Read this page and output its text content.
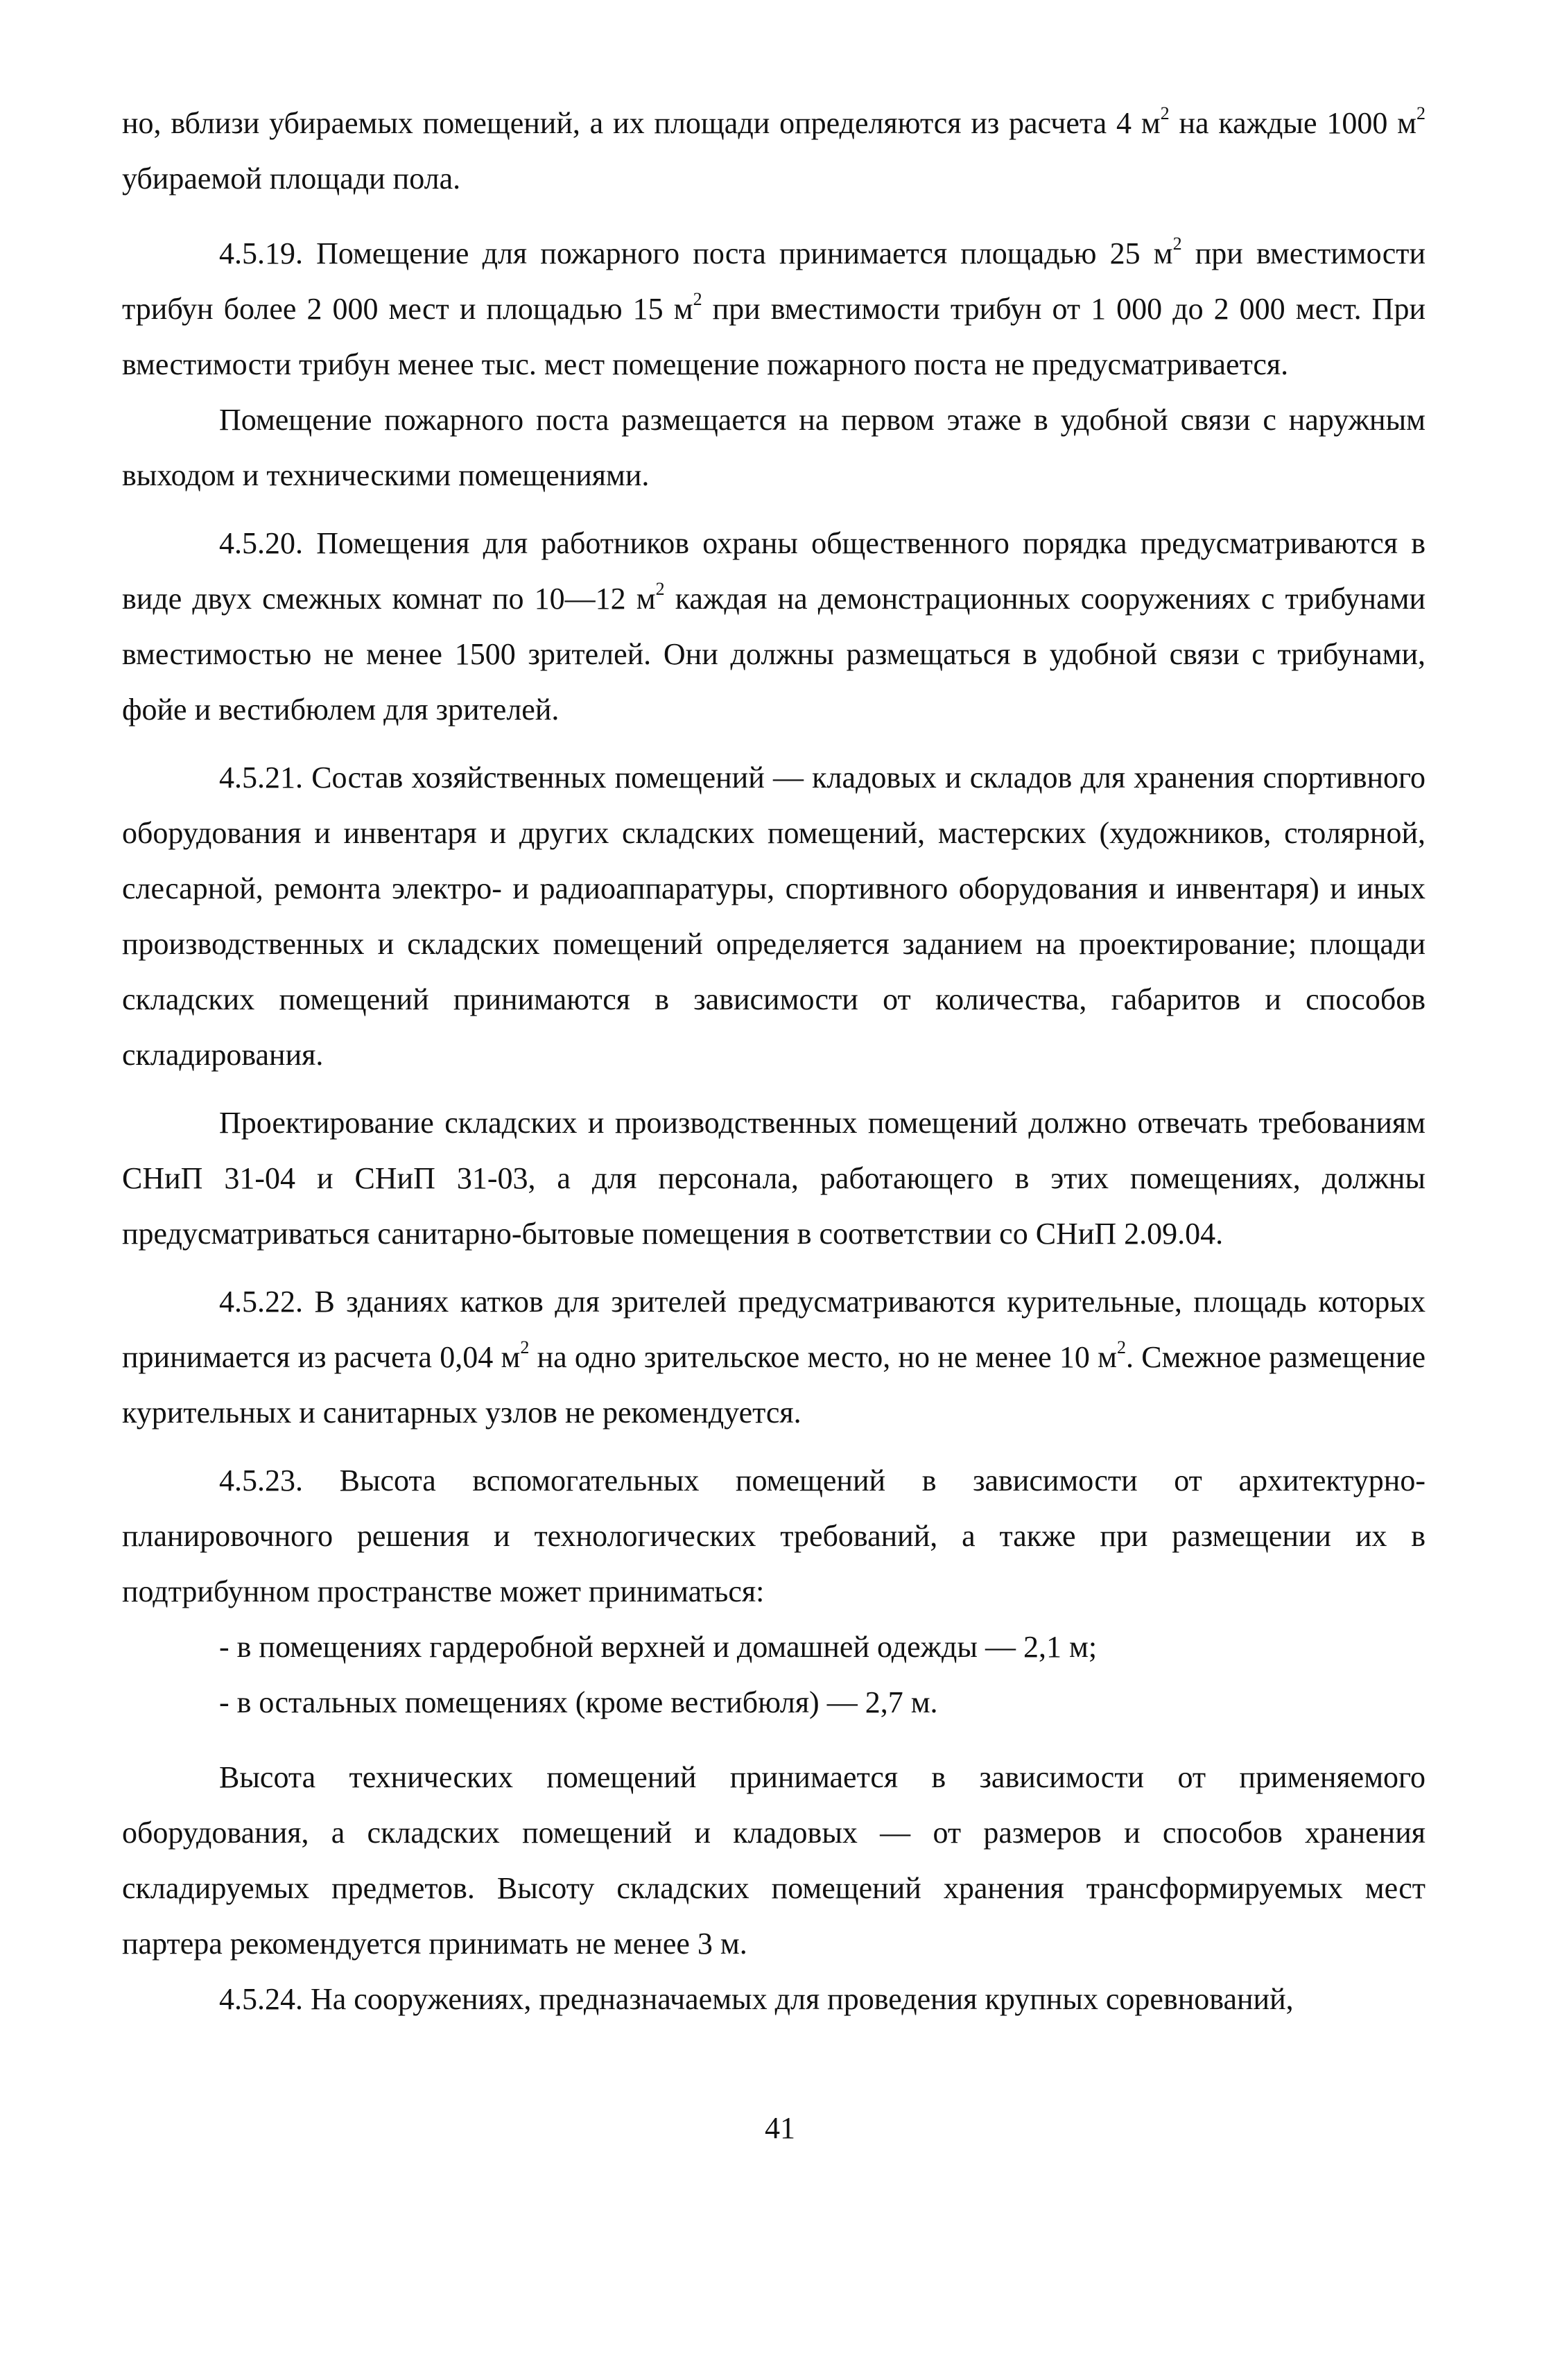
но, вблизи убираемых помещений, а их площади определяются из расчета 4 $м^2$ на каждые 1000 $м^2$ убираемой площади пола.

4.5.19. Помещение для пожарного поста принимается площадью 25 $м^2$ при вместимости трибун более 2 000 мест и площадью 15 $м^2$ при вместимости трибун от 1 000 до 2 000 мест. При вместимости трибун менее тыс. мест помещение пожарного поста не предусматривается.

Помещение пожарного поста размещается на первом этаже в удобной связи с наружным выходом и техническими помещениями.

4.5.20. Помещения для работников охраны общественного порядка предусматриваются в виде двух смежных комнат по 10—12 $м^2$ каждая на демонстрационных сооружениях с трибунами вместимостью не менее 1500 зрителей. Они должны размещаться в удобной связи с трибунами, фойе и вестибюлем для зрителей.

4.5.21. Состав хозяйственных помещений — кладовых и складов для хранения спортивного оборудования и инвентаря и других складских помещений, мастерских (художников, столярной, слесарной, ремонта электро- и радиоаппаратуры, спортивного оборудования и инвентаря) и иных производственных и складских помещений определяется заданием на проектирование; площади складских помещений принимаются в зависимости от количества, габаритов и способов складирования.

Проектирование складских и производственных помещений должно отвечать требованиям СНиП 31-04 и СНиП 31-03, а для персонала, работающего в этих помещениях, должны предусматриваться санитарно-бытовые помещения в соответствии со СНиП 2.09.04.

4.5.22. В зданиях катков для зрителей предусматриваются курительные, площадь которых принимается из расчета 0,04 $м^2$ на одно зрительское место, но не менее 10 $м^2$. Смежное размещение курительных и санитарных узлов не рекомендуется.

4.5.23. Высота вспомогательных помещений в зависимости от архитектурно-планировочного решения и технологических требований, а также при размещении их в подтрибунном пространстве может приниматься:

- в помещениях гардеробной верхней и домашней одежды — 2,1 м;

- в остальных помещениях (кроме вестибюля) — 2,7 м.

Высота технических помещений принимается в зависимости от применяемого оборудования, а складских помещений и кладовых — от размеров и способов хранения складируемых предметов. Высоту складских помещений хранения трансформируемых мест партера рекомендуется принимать не менее 3 м.

4.5.24. На сооружениях, предназначаемых для проведения крупных соревнований,

41
